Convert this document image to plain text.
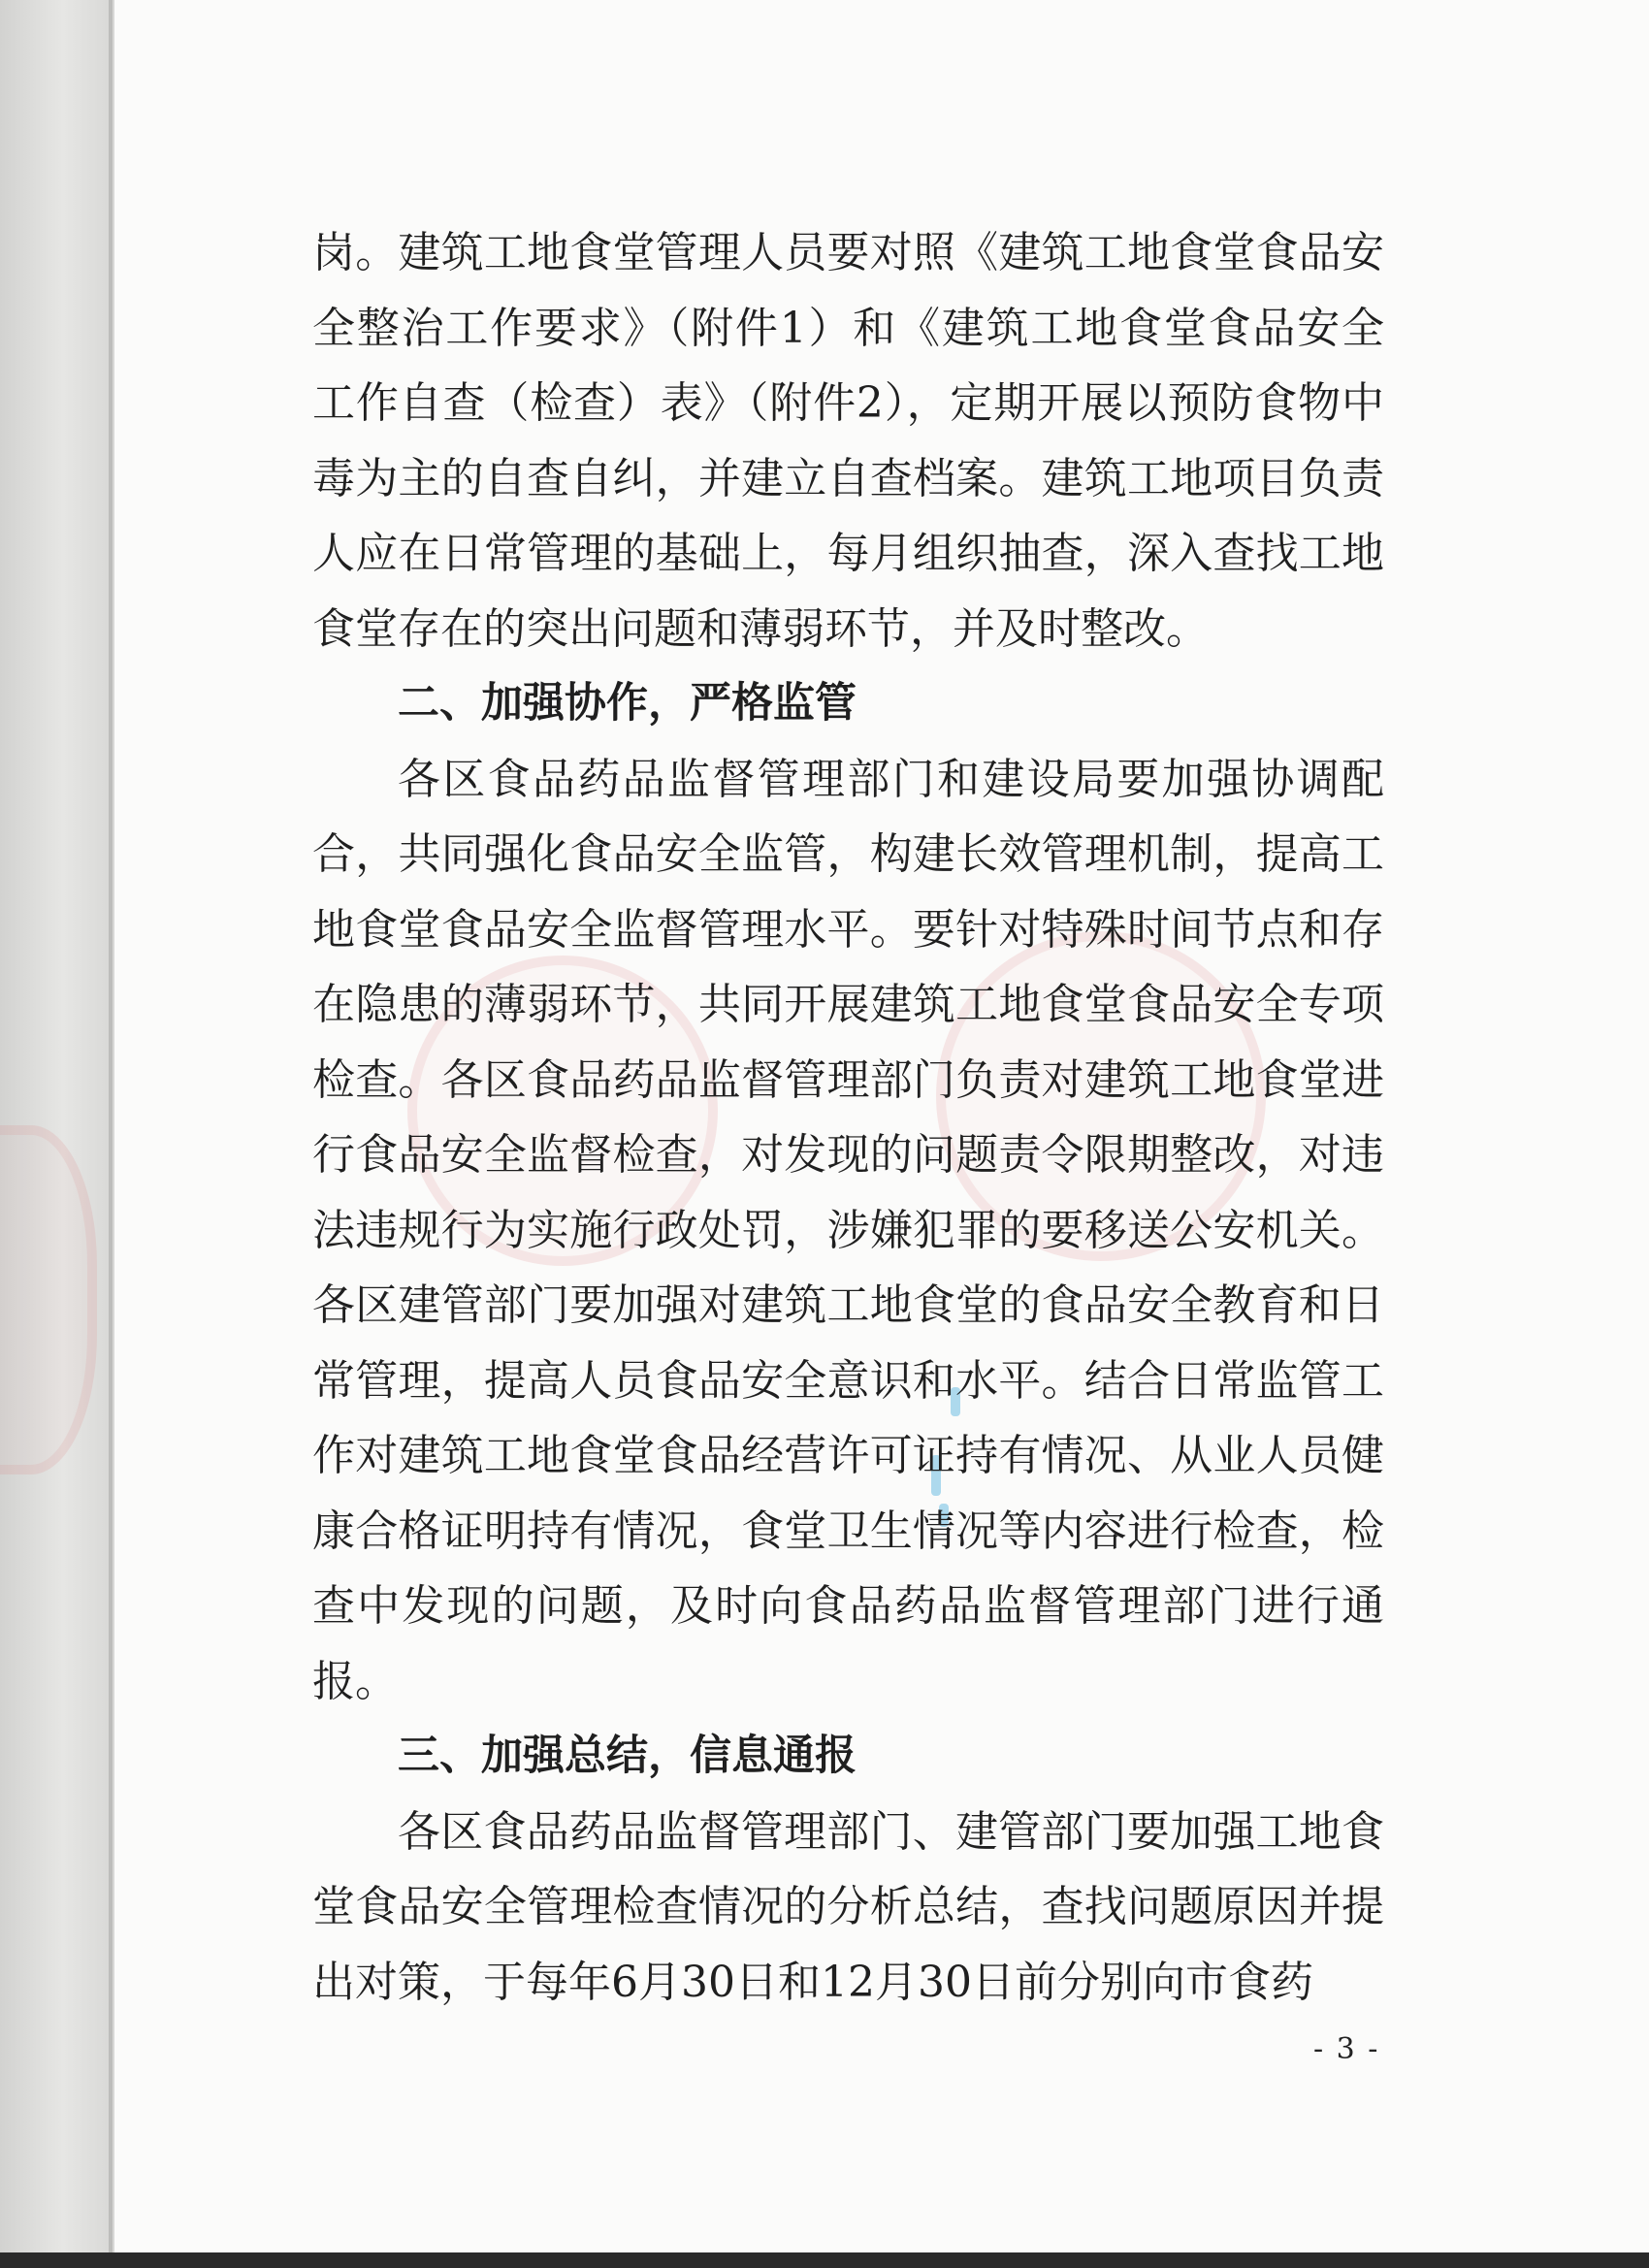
岗。建筑工地食堂管理人员要对照《建筑工地食堂食品安全整治工作要求》（附件1）和《建筑工地食堂食品安全工作自查（检查）表》（附件2），定期开展以预防食物中毒为主的自查自纠，并建立自查档案。建筑工地项目负责人应在日常管理的基础上，每月组织抽查，深入查找工地食堂存在的突出问题和薄弱环节，并及时整改。

二、加强协作，严格监管

各区食品药品监督管理部门和建设局要加强协调配合，共同强化食品安全监管，构建长效管理机制，提高工地食堂食品安全监督管理水平。要针对特殊时间节点和存在隐患的薄弱环节，共同开展建筑工地食堂食品安全专项检查。各区食品药品监督管理部门负责对建筑工地食堂进行食品安全监督检查，对发现的问题责令限期整改，对违法违规行为实施行政处罚，涉嫌犯罪的要移送公安机关。各区建管部门要加强对建筑工地食堂的食品安全教育和日常管理，提高人员食品安全意识和水平。结合日常监管工作对建筑工地食堂食品经营许可证持有情况、从业人员健康合格证明持有情况，食堂卫生情况等内容进行检查，检查中发现的问题，及时向食品药品监督管理部门进行通报。

三、加强总结，信息通报

各区食品药品监督管理部门、建管部门要加强工地食堂食品安全管理检查情况的分析总结，查找问题原因并提出对策，于每年6月30日和12月30日前分别向市食药

- 3 -
